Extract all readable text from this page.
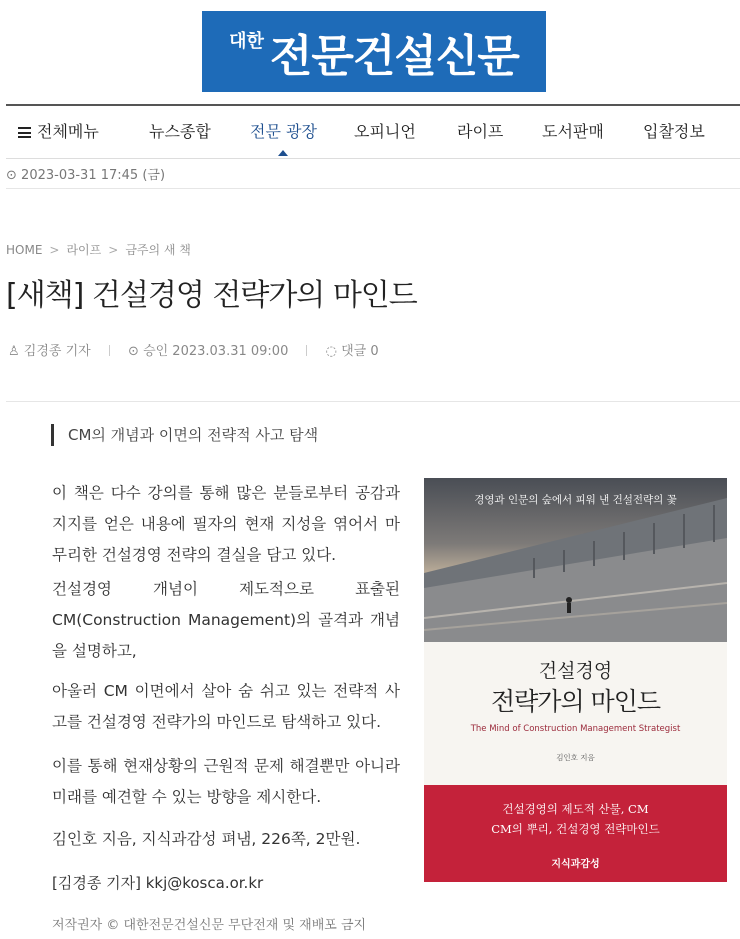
대한 전문건설신문
전체메뉴	뉴스종합 전문 광장 오피니언	라이프 도서판매 입찰정보
⊙ 2023-03-31 17:45 (금)
HOME > 라이프 > 금주의 새 책
[새책] 건설경영 전략가의 마인드
♙ 김경종 기자	⊙ 승인 2023.03.31 09:00	◌ 댓글 0
CM의 개념과 이면의 전략적 사고 탐색
이 책은 다수 강의를 통해 많은 분들로부터 공감과 지지를 얻은 내용에 필자의 현재 지성을 엮어서 마무리한 건설경영 전략의 결실을 담고 있다.
건설경영 개념이 제도적으로 표출된 CM(Construction Management)의 골격과 개념을 설명하고,
아울러 CM 이면에서 살아 숨 쉬고 있는 전략적 사고를 건설경영 전략가의 마인드로 탐색하고 있다.
이를 통해 현재상황의 근원적 문제 해결뿐만 아니라 미래를 예견할 수 있는 방향을 제시한다.
김인호 지음, 지식과감성 펴냄, 226쪽, 2만원.
경영과 인문의 숲에서 피워 낸 건설전략의 꽃
건설경영
전략가의 마인드
The Mind of Construction Management Strategist
김인호 지음
건설경영의 제도적 산물, CM
CM의 뿌리, 건설경영 전략마인드
지식과감성
[김경종 기자] kkj@kosca.or.kr
저작권자 © 대한전문건설신문 무단전재 및 재배포 금지
